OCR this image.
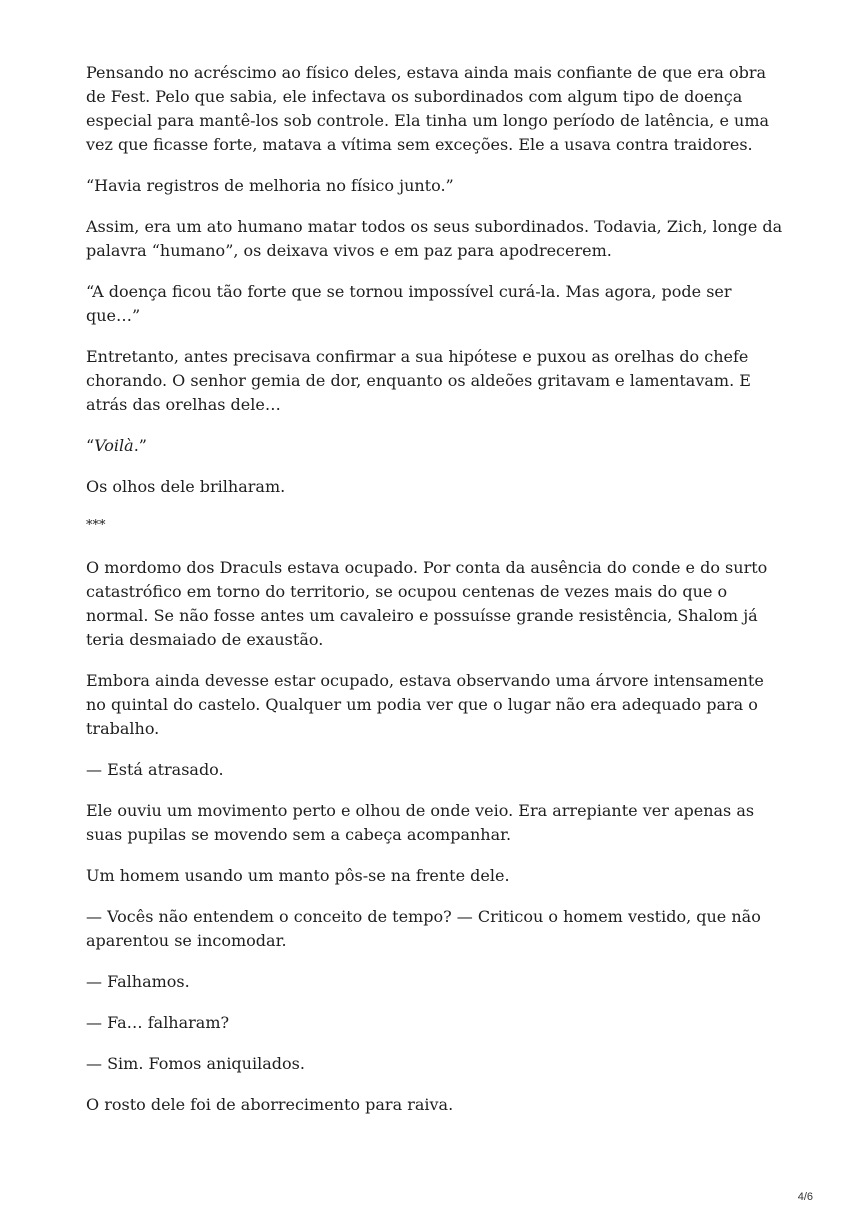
Pensando no acréscimo ao físico deles, estava ainda mais confiante de que era obra de Fest. Pelo que sabia, ele infectava os subordinados com algum tipo de doença especial para mantê-los sob controle. Ela tinha um longo período de latência, e uma vez que ficasse forte, matava a vítima sem exceções. Ele a usava contra traidores.

“Havia registros de melhoria no físico junto.”

Assim, era um ato humano matar todos os seus subordinados. Todavia, Zich, longe da palavra “humano”, os deixava vivos e em paz para apodrecerem.

“A doença ficou tão forte que se tornou impossível curá-la. Mas agora, pode ser que…”

Entretanto, antes precisava confirmar a sua hipótese e puxou as orelhas do chefe chorando. O senhor gemia de dor, enquanto os aldeões gritavam e lamentavam. E atrás das orelhas dele…

“Voilà.”

Os olhos dele brilharam.

***

O mordomo dos Draculs estava ocupado. Por conta da ausência do conde e do surto catastrófico em torno do territorio, se ocupou centenas de vezes mais do que o normal. Se não fosse antes um cavaleiro e possuísse grande resistência, Shalom já teria desmaiado de exaustão.

Embora ainda devesse estar ocupado, estava observando uma árvore intensamente no quintal do castelo. Qualquer um podia ver que o lugar não era adequado para o trabalho.

— Está atrasado.

Ele ouviu um movimento perto e olhou de onde veio. Era arrepiante ver apenas as suas pupilas se movendo sem a cabeça acompanhar.

Um homem usando um manto pôs-se na frente dele.

— Vocês não entendem o conceito de tempo? — Criticou o homem vestido, que não aparentou se incomodar.

— Falhamos.

— Fa… falharam?

— Sim. Fomos aniquilados.

O rosto dele foi de aborrecimento para raiva.

4/6
